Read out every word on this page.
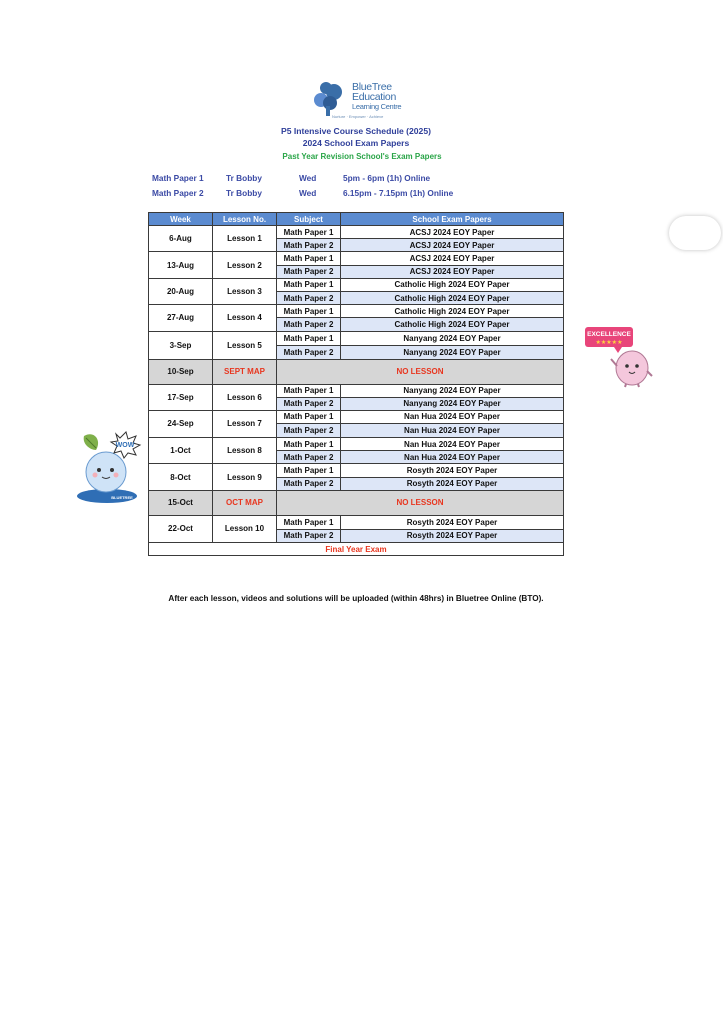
BlueTree
Education
Learning Centre
Nurture · Empower · Achieve
P5 Intensive Course Schedule (2025)
2024 School Exam Papers
Past Year Revision School's Exam Papers
Math Paper 1	Tr Bobby	Wed	5pm - 6pm (1h) Online
Math Paper 2	Tr Bobby	Wed	6.15pm - 7.15pm (1h) Online
Week	Lesson No.	Subject	School Exam Papers
6-Aug	Lesson 1	Math Paper 1	ACSJ 2024 EOY Paper
		Math Paper 2	ACSJ 2024 EOY Paper
13-Aug	Lesson 2	Math Paper 1	ACSJ 2024 EOY Paper
		Math Paper 2	ACSJ 2024 EOY Paper
20-Aug	Lesson 3	Math Paper 1	Catholic High 2024 EOY Paper
		Math Paper 2	Catholic High 2024 EOY Paper
27-Aug	Lesson 4	Math Paper 1	Catholic High 2024 EOY Paper
		Math Paper 2	Catholic High 2024 EOY Paper
3-Sep	Lesson 5	Math Paper 1	Nanyang 2024 EOY Paper
		Math Paper 2	Nanyang 2024 EOY Paper
10-Sep	SEPT MAP	NO LESSON	
17-Sep	Lesson 6	Math Paper 1	Nanyang 2024 EOY Paper
		Math Paper 2	Nanyang 2024 EOY Paper
24-Sep	Lesson 7	Math Paper 1	Nan Hua 2024 EOY Paper
		Math Paper 2	Nan Hua 2024 EOY Paper
1-Oct	Lesson 8	Math Paper 1	Nan Hua 2024 EOY Paper
		Math Paper 2	Nan Hua 2024 EOY Paper
8-Oct	Lesson 9	Math Paper 1	Rosyth 2024 EOY Paper
		Math Paper 2	Rosyth 2024 EOY Paper
15-Oct	OCT MAP	NO LESSON	
22-Oct	Lesson 10	Math Paper 1	Rosyth 2024 EOY Paper
		Math Paper 2	Rosyth 2024 EOY Paper
Final Year Exam			
After each lesson, videos and solutions will be uploaded (within 48hrs) in Bluetree Online (BTO).
WOW
BLUETREE
EXCELLENCE
★★★★★
